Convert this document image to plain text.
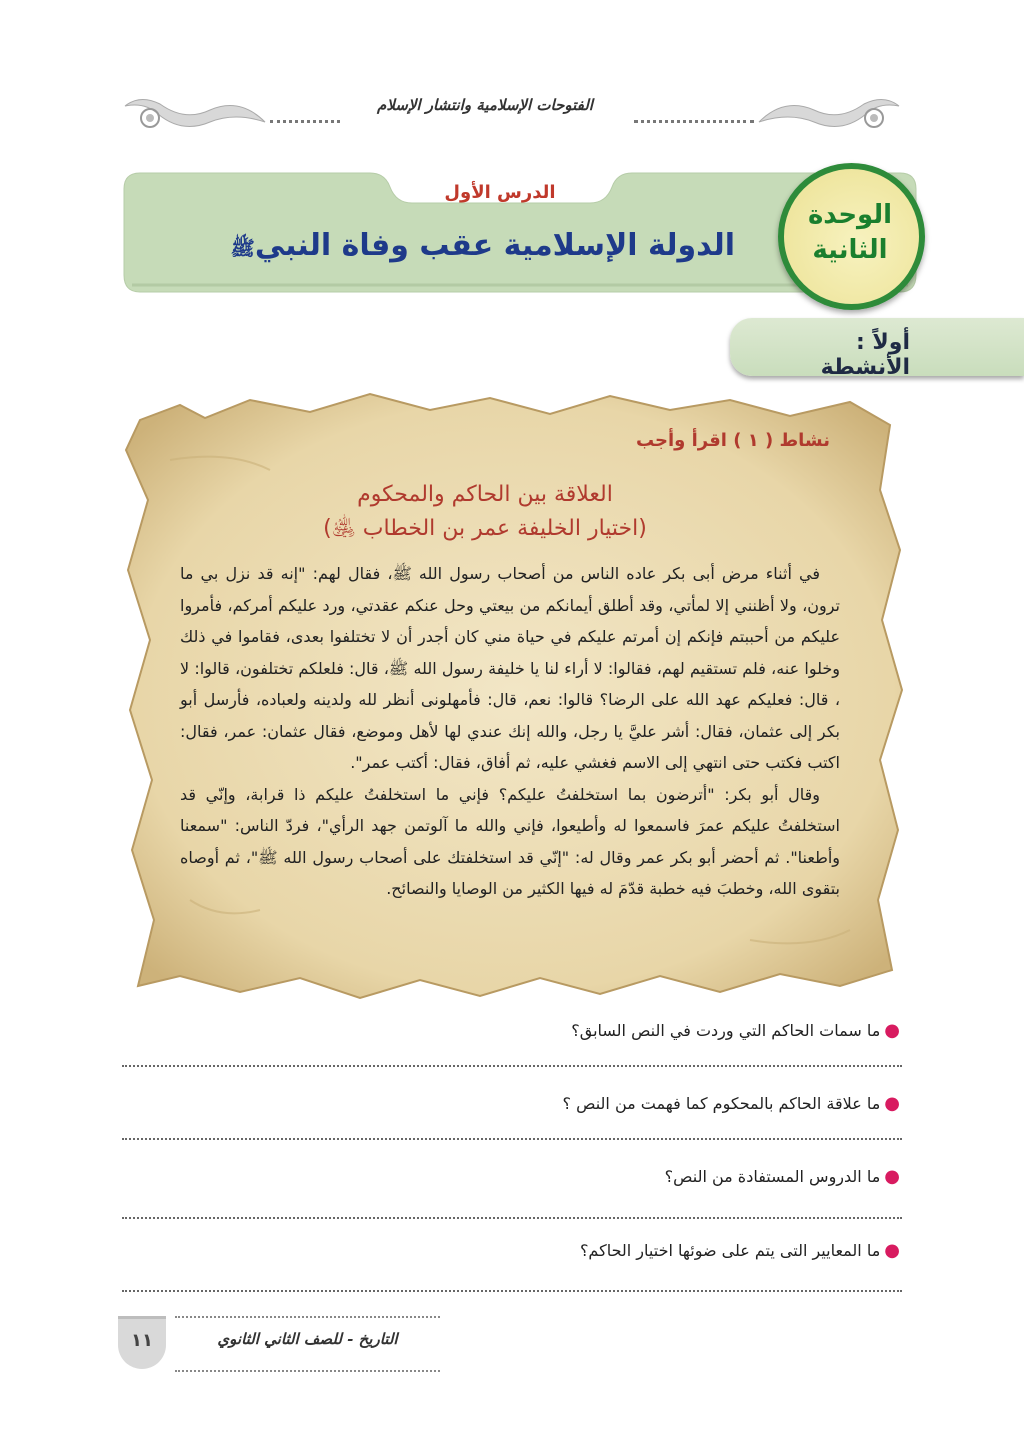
الفتوحات الإسلامية وانتشار الإسلام
الدرس الأول
الدولة الإسلامية عقب وفاة النبيﷺ
الوحدة
الثانية
أولاً : الأنشطة
نشاط ( ١ ) اقرأ وأجب
العلاقة بين الحاكم والمحكوم
(اختيار الخليفة عمر بن الخطاب ﵁)

في أثناء مرض أبى بكر عاده الناس من أصحاب رسول الله ﷺ، فقال لهم: "إنه قد نزل بي ما ترون، ولا أظنني إلا لمأتي، وقد أطلق أيمانكم من بيعتي وحل عنكم عقدتي، ورد عليكم أمركم، فأمروا عليكم من أحببتم فإنكم إن أمرتم عليكم في حياة مني كان أجدر أن لا تختلفوا بعدى، فقاموا في ذلك وخلوا عنه، فلم تستقيم لهم، فقالوا: لا أراء لنا يا خليفة رسول الله ﷺ، قال: فلعلكم تختلفون، قالوا: لا ، قال: فعليكم عهد الله على الرضا؟ قالوا: نعم، قال: فأمهلونى أنظر لله ولدينه ولعباده، فأرسل أبو بكر إلى عثمان، فقال: أشر عليَّ يا رجل، والله إنك عندي لها لأهل وموضع، فقال عثمان: عمر، فقال: اكتب فكتب حتى انتهي إلى الاسم فغشي عليه، ثم أفاق، فقال: أكتب عمر".

وقال أبو بكر: "أترضون بما استخلفتُ عليكم؟ فإني ما استخلفتُ عليكم ذا قرابة، وإنّي قد استخلفتُ عليكم عمرَ فاسمعوا له وأطيعوا، فإني والله ما آلوتمن جهد الرأي"، فردّ الناس: "سمعنا وأطعنا". ثم أحضر أبو بكر عمر وقال له: "إنّي قد استخلفتك على أصحاب رسول الله ﷺ"، ثم أوصاه بتقوى الله، وخطبَ فيه خطبة قدّمَ له فيها الكثير من الوصايا والنصائح.

●ما سمات الحاكم التي وردت في النص السابق؟
●ما علاقة الحاكم بالمحكوم كما فهمت من النص ؟
●ما الدروس المستفادة من النص؟
●ما المعايير التى يتم على ضوئها اختيار الحاكم؟
التاريخ - للصف الثاني الثانوي
١١
